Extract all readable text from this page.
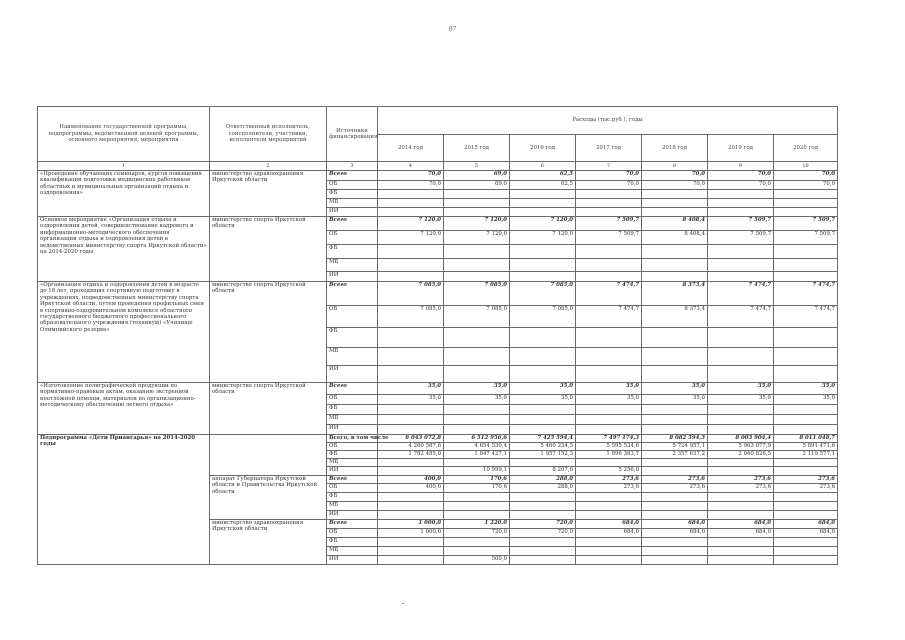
87
Наименование государственной программы, подпрограммы, ведомственной целевой программы, основного мероприятия, мероприятия	Ответственный исполнитель, соисполнители, участники, исполнители мероприятий	Источники финансирования	Расходы (тыс.руб.), годы						
			2014 год	2015 год	2016 год	2017 год	2018 год	2019 год	2020 год
1	2	3	4	5	6	7	8	9	10
«Проведение обучающих семинаров, курсов повышения квалификации подготовки медицинских работников областных и муниципальных организаций отдыха и оздоровления»	министерство здравоохранения Иркутской области	Всего	70,0	69,0	62,5	70,0	70,0	70,0	70,0
		ОБ	70,0	69,0	62,5	70,0	70,0	70,0	70,0
		ФБ							
		МБ							
		ИИ							
Основное мероприятие «Организация отдыха и оздоровления детей, совершенствование кадрового и информационно-методического обеспечения организации отдыха и оздоровления детей в ведомственных министерству спорта Иркутской области» на 2014-2020 годы	министерство спорта Иркутской области	Всего	7 120,0	7 120,0	7 120,0	7 509,7	8 408,4	7 509,7	7 509,7
		ОБ	7 120,0	7 120,0	7 120,0	7 509,7	8 408,4	7 509,7	7 509,7
		ФБ							
		МБ							
		ИИ							
«Организация отдыха и оздоровления детей в возрасте до 18 лет, проходящих спортивную подготовку в учреждениях, подведомственных министерству спорта Иркутской области, путем проведения профильных смен в спортивно-оздоровительном комплексе областного государственного бюджетного профессионального образовательного учреждения (техникум) «Училище Олимпийского резерва»	министерство спорта Иркутской области	Всего	7 085,0	7 085,0	7 085,0	7 474,7	8 373,4	7 474,7	7 474,7
		ОБ	7 085,0	7 085,0	7 085,0	7 474,7	8 373,4	7 474,7	7 474,7
		ФБ							
		МБ							
		ИИ							
«Изготовление полиграфической продукции по нормативно-правовым актам, оказанию экстренной неотложной помощи, материалов по организационно-методическому обеспечению летнего отдыха»	министерство спорта Иркутской области	Всего	35,0	35,0	35,0	35,0	35,0	35,0	35,0
		ОБ	35,0	35,0	35,0	35,0	35,0	35,0	35,0
		ФБ							
		МБ							
		ИИ							
Подпрограмма «Дети Приангарья» на 2014-2020 годы		Всего, в том числе	6 043 072,8	6 512 956,6	7 425 594,4	7 497 174,3	8 082 594,3	8 003 904,4	8 011 048,7
		ОБ	4 260 587,8	4 654 530,4	5 460 234,5	5 595 534,6	5 724 957,1	5 963 077,9	5 891 471,6
		ФБ	1 782 485,0	1 847 427,1	1 957 152,3	1 896 383,7	2 357 637,2	2 040 826,5	2 119 577,1
		МБ							
		ИИ		10 999,1	8 207,6	5 256,0			
	аппарат Губернатора Иркутской области и Правительства Иркутской области	Всего	400,0	170,6	288,0	273,6	273,6	273,6	273,6
		ОБ	400,0	170,6	288,0	273,6	273,6	273,6	273,6
		ФБ							
		МБ							
		ИИ							
	министерство здравоохранения Иркутской области	Всего	1 000,0	1 220,0	720,0	684,0	684,0	684,0	684,0
		ОБ	1 000,0	720,0	720,0	684,0	684,0	684,0	684,0
		ФБ							
		МБ							
		ИИ		500,0					
